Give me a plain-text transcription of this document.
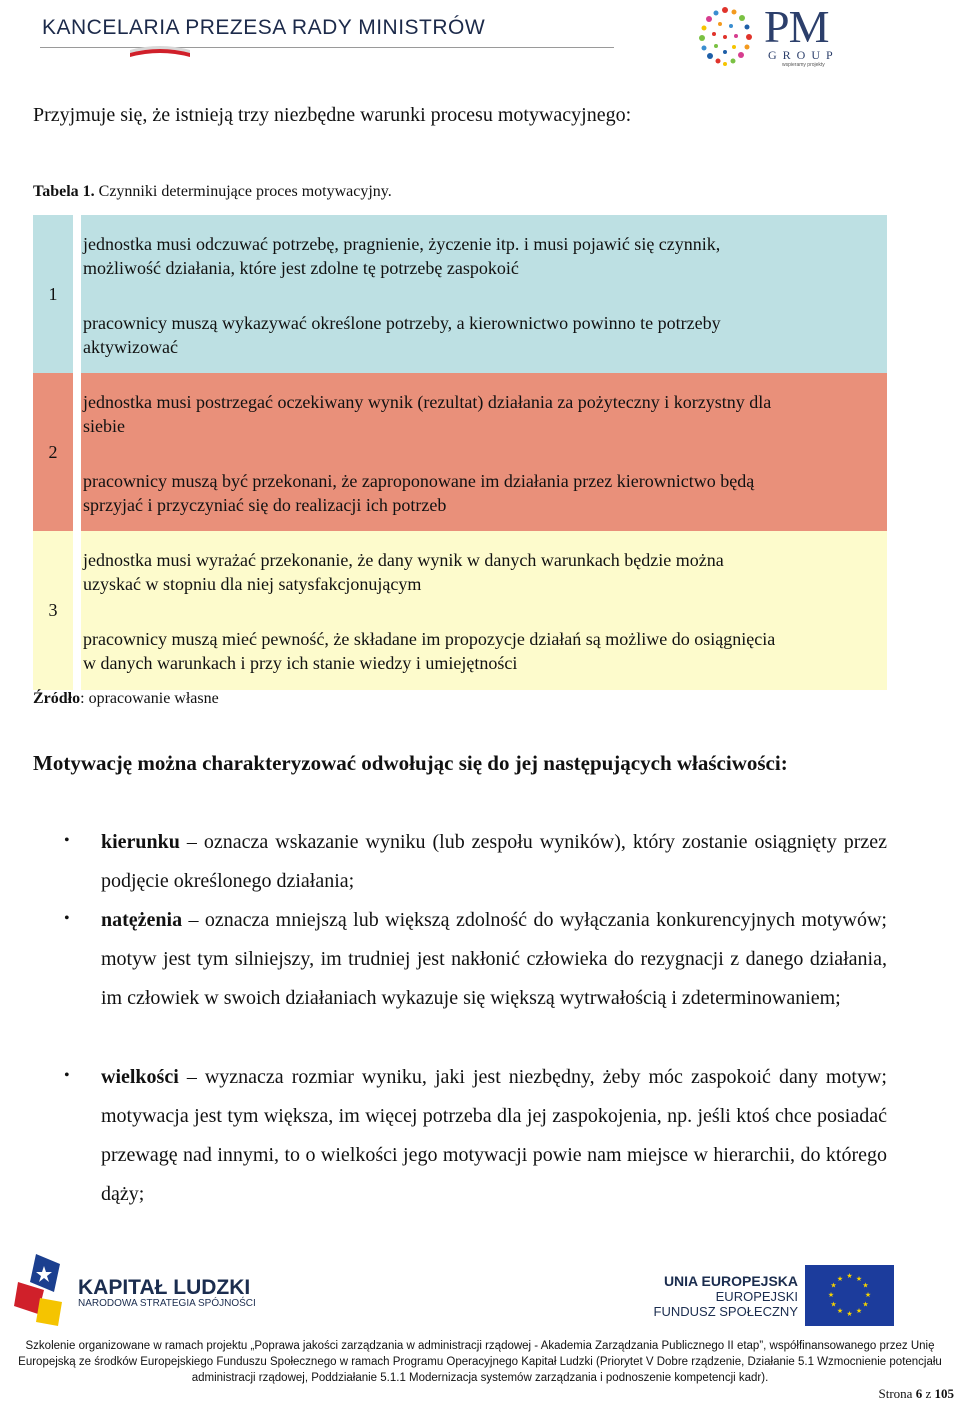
KANCELARIA PREZESA RADY MINISTRÓW	PM
GROUP
wspieramy projekty
Przyjmuje się, że istnieją trzy niezbędne warunki procesu motywacyjnego:
Tabela 1. Czynniki determinujące proces motywacyjny.
1
jednostka musi odczuwać potrzebę, pragnienie, życzenie itp. i musi pojawić się czynnik,
możliwość działania, które jest zdolne tę potrzebę zaspokoić
pracownicy muszą wykazywać określone potrzeby, a kierownictwo powinno te potrzeby
aktywizować
2
jednostka musi postrzegać oczekiwany wynik (rezultat) działania za pożyteczny i korzystny dla
siebie
pracownicy muszą być przekonani, że zaproponowane im działania przez kierownictwo będą
sprzyjać i przyczyniać się do realizacji ich potrzeb
3
jednostka musi wyrażać przekonanie, że dany wynik w danych warunkach będzie można
uzyskać w stopniu dla niej satysfakcjonującym
pracownicy muszą mieć pewność, że składane im propozycje działań są możliwe do osiągnięcia
w danych warunkach i przy ich stanie wiedzy i umiejętności
Źródło: opracowanie własne
Motywację można charakteryzować odwołując się do jej następujących właściwości:
• kierunku – oznacza wskazanie wyniku (lub zespołu wyników), który zostanie osiągnięty przez podjęcie określonego działania;
• natężenia – oznacza mniejszą lub większą zdolność do wyłączania konkurencyjnych motywów; motyw jest tym silniejszy, im trudniej jest nakłonić człowieka do rezygnacji z danego działania, im człowiek w swoich działaniach wykazuje się większą wytrwałością i zdeterminowaniem;
• wielkości – wyznacza rozmiar wyniku, jaki jest niezbędny, żeby móc zaspokoić dany motyw; motywacja jest tym większa, im więcej potrzeba dla jej zaspokojenia, np. jeśli ktoś chce posiadać przewagę nad innymi, to o wielkości jego motywacji powie nam miejsce w hierarchii, do którego dąży;
KAPITAŁ LUDZKI
NARODOWA STRATEGIA SPÓJNOŚCI
UNIA EUROPEJSKA
EUROPEJSKI
FUNDUSZ SPOŁECZNY
★ ★
★
★
★
★
★
★
★
★
★
★
Szkolenie organizowane w ramach projektu „Poprawa jakości zarządzania w administracji rządowej - Akademia Zarządzania Publicznego II etap”, współfinansowanego przez Unię
Europejską ze środków Europejskiego Funduszu Społecznego w ramach Programu Operacyjnego Kapitał Ludzki (Priorytet V Dobre rządzenie, Działanie 5.1 Wzmocnienie potencjału
administracji rządowej, Poddziałanie 5.1.1 Modernizacja systemów zarządzania i podnoszenie kompetencji kadr).
Strona 6 z 105
